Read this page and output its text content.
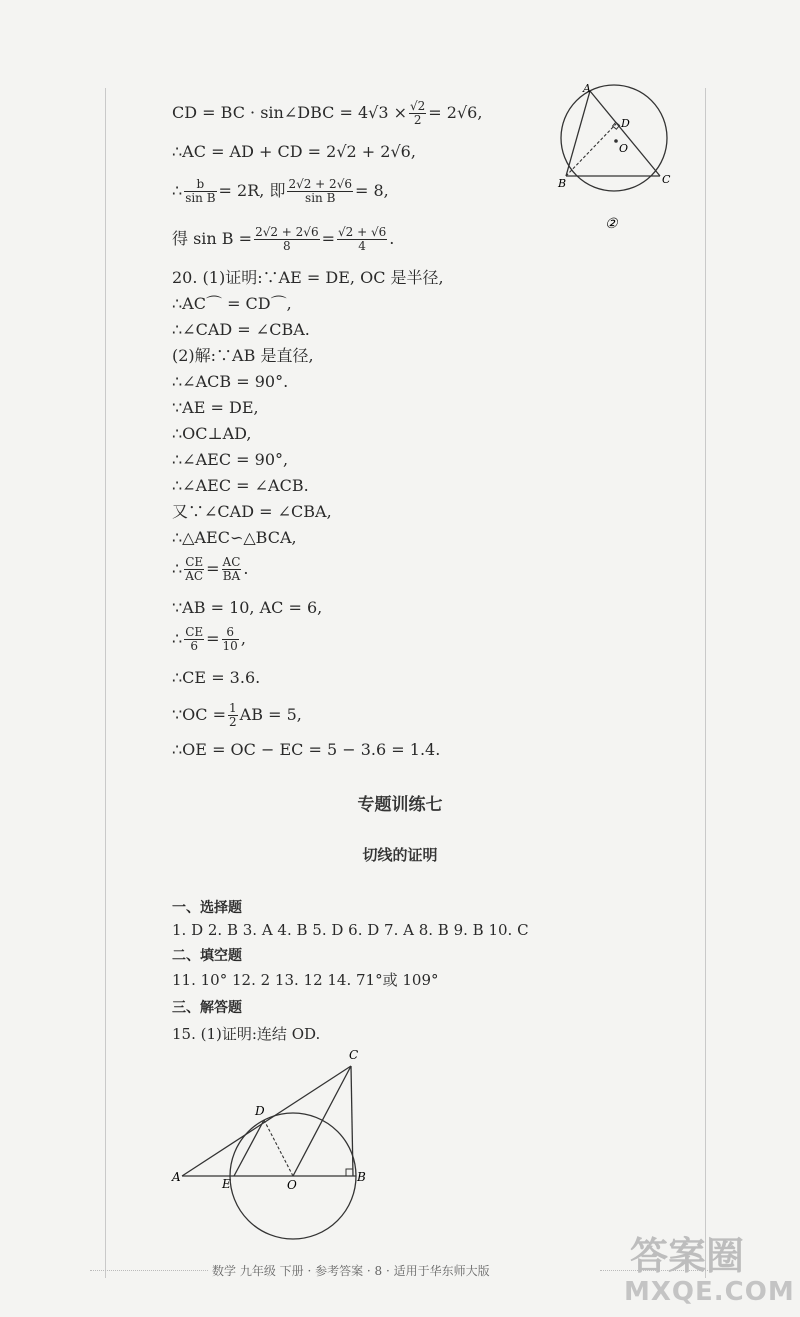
CD = BC · sin∠DBC = $4√3 \times \frac{√2}{2} = 2√6$,
∴AC = AD + CD = 2√2 + 2√6,
∴ $\frac{b}{\text{sin B}} = 2R$, 即 $\frac{2√2 + 2√6}{\text{sin B}} = 8$,
得 $\sin B = \frac{2√2 + 2√6}{8} = \frac{√2 + √6}{4}$ .
20. (1)证明:∵AE = DE, OC 是半径,
∴AC⌒ = CD⌒,
∴∠CAD = ∠CBA.
(2)解:∵AB 是直径,
∴∠ACB = 90°.
∵AE = DE,
∴OC⊥AD,
∴∠AEC = 90°,
∴∠AEC = ∠ACB.
又∵∠CAD = ∠CBA,
∴△AEC∽△BCA,
∴ $\frac{CE}{AC} = \frac{AC}{BA}$ .
∵AB = 10, AC = 6,
∴ $\frac{CE}{6} = \frac{6}{10}$ ,
∴CE = 3.6.
∵OC = $\frac{1}{2}$ AB = 5,
∴OE = OC − EC = 5 − 3.6 = 1.4.
A
D
O
B	C
②
专题训练七
切线的证明
一、选择题
1. D 2. B 3. A 4. B 5. D 6. D 7. A 8. B 9. B 10. C
二、填空题
11. 10° 12. 2 13. 12 14. 71°或 109°
三、解答题
15. (1)证明:连结 OD.
C
D
A	E	O
B
数学 九年级 下册 · 参考答案 · 8 · 适用于华东师大版	答案圈
MXQE.COM
